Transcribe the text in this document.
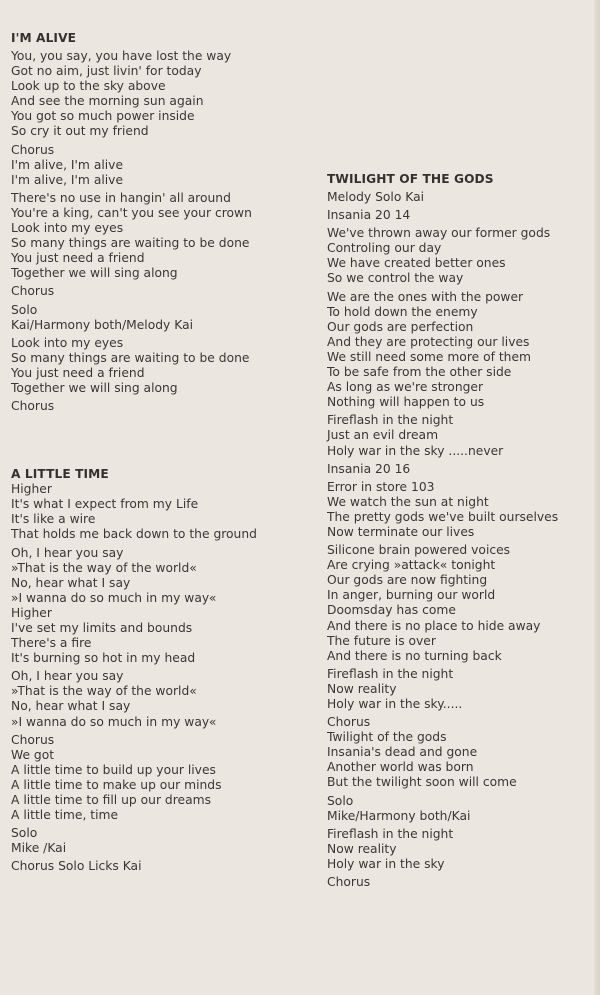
I'M ALIVE
You, you say, you have lost the way
Got no aim, just livin' for today
Look up to the sky above
And see the morning sun again
You got so much power inside
So cry it out my friend
Chorus
I'm alive, I'm alive
I'm alive, I'm alive
There's no use in hangin' all around
You're a king, can't you see your crown
Look into my eyes
So many things are waiting to be done
You just need a friend
Together we will sing along
Chorus
Solo
Kai/Harmony both/Melody Kai
Look into my eyes
So many things are waiting to be done
You just need a friend
Together we will sing along
Chorus
A LITTLE TIME
Higher
It's what I expect from my Life
It's like a wire
That holds me back down to the ground
Oh, I hear you say
»That is the way of the world«
No, hear what I say
»I wanna do so much in my way«
Higher
I've set my limits and bounds
There's a fire
It's burning so hot in my head
Oh, I hear you say
»That is the way of the world«
No, hear what I say
»I wanna do so much in my way«
Chorus
We got
A little time to build up your lives
A little time to make up our minds
A little time to fill up our dreams
A little time, time
Solo
Mike /Kai
Chorus Solo Licks Kai
TWILIGHT OF THE GODS
Melody Solo Kai
Insania 20 14
We've thrown away our former gods
Controling our day
We have created better ones
So we control the way
We are the ones with the power
To hold down the enemy
Our gods are perfection
And they are protecting our lives
We still need some more of them
To be safe from the other side
As long as we're stronger
Nothing will happen to us
Fireflash in the night
Just an evil dream
Holy war in the sky .....never
Insania 20 16
Error in store 103
We watch the sun at night
The pretty gods we've built ourselves
Now terminate our lives
Silicone brain powered voices
Are crying »attack« tonight
Our gods are now fighting
In anger, burning our world
Doomsday has come
And there is no place to hide away
The future is over
And there is no turning back
Fireflash in the night
Now reality
Holy war in the sky.....
Chorus
Twilight of the gods
Insania's dead and gone
Another world was born
But the twilight soon will come
Solo
Mike/Harmony both/Kai
Fireflash in the night
Now reality
Holy war in the sky
Chorus
